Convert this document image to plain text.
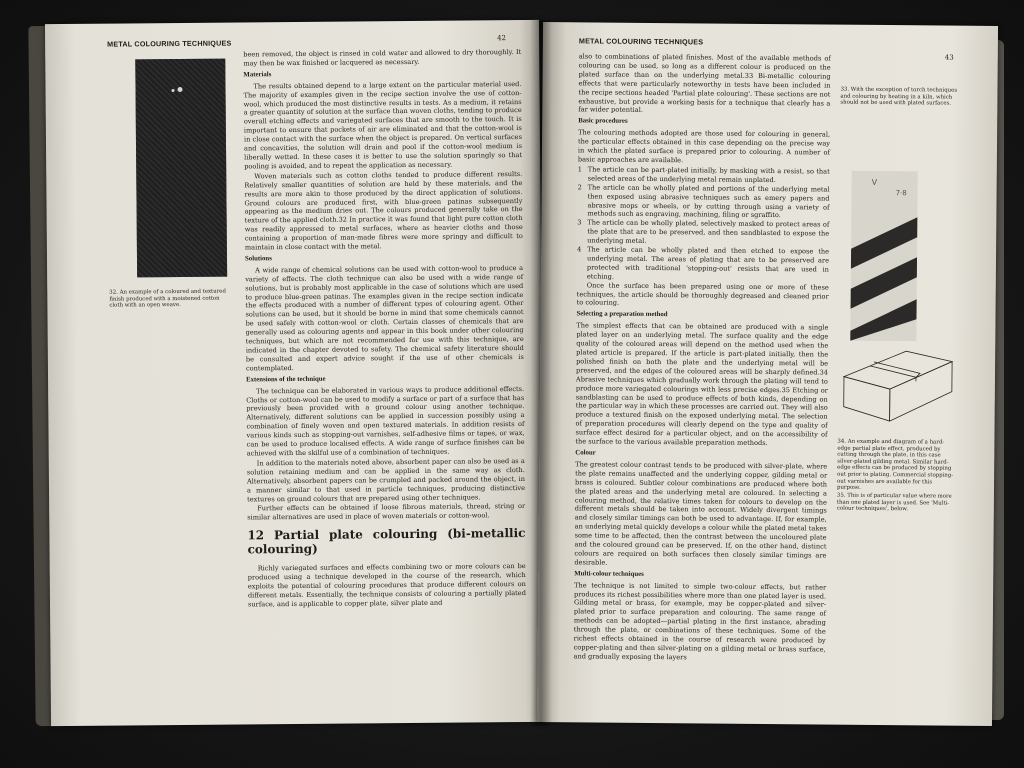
METAL COLOURING TECHNIQUES
42
32. An example of a coloured and textured finish produced with a moistened cotton cloth with an open weave.

been removed, the object is rinsed in cold water and allowed to dry thoroughly. It may then be wax finished or lacquered as necessary.

Materials

The results obtained depend to a large extent on the particular material used. The majority of examples given in the recipe section involve the use of cotton-wool, which produced the most distinctive results in tests. As a medium, it retains a greater quantity of solution at the surface than woven cloths, tending to produce overall etching effects and variegated surfaces that are smooth to the touch. It is important to ensure that pockets of air are eliminated and that the cotton-wool is in close contact with the surface when the object is prepared. On vertical surfaces and concavities, the solution will drain and pool if the cotton-wool medium is liberally wetted. In these cases it is better to use the solution sparingly so that pooling is avoided, and to repeat the application as necessary.

Woven materials such as cotton cloths tended to produce different results. Relatively smaller quantities of solution are held by these materials, and the results are more akin to those produced by the direct application of solutions. Ground colours are produced first, with blue-green patinas subsequently appearing as the medium dries out. The colours produced generally take on the texture of the applied cloth.32 In practice it was found that light pure cotton cloth was readily appressed to metal surfaces, where as heavier cloths and those containing a proportion of man-made fibres were more springy and difficult to maintain in close contact with the metal.

Solutions

A wide range of chemical solutions can be used with cotton-wool to produce a variety of effects. The cloth technique can also be used with a wide range of solutions, but is probably most applicable in the case of solutions which are used to produce blue-green patinas. The examples given in the recipe section indicate the effects produced with a number of different types of colouring agent. Other solutions can be used, but it should be borne in mind that some chemicals cannot be used safely with cotton-wool or cloth. Certain classes of chemicals that are generally used as colouring agents and appear in this book under other colouring techniques, but which are not recommended for use with this technique, are indicated in the chapter devoted to safety. The chemical safety literature should be consulted and expert advice sought if the use of other chemicals is contemplated.

Extensions of the technique

The technique can be elaborated in various ways to produce additional effects. Cloths or cotton-wool can be used to modify a surface or part of a surface that has previously been provided with a ground colour using another technique. Alternatively, different solutions can be applied in succession possibly using a combination of finely woven and open textured materials. In addition resists of various kinds such as stopping-out varnishes, self-adhesive films or tapes, or wax, can be used to produce localised effects. A wide range of surface finishes can be achieved with the skilful use of a combination of techniques.

In addition to the materials noted above, absorbent paper can also be used as a solution retaining medium and can be applied in the same way as cloth. Alternatively, absorbent papers can be crumpled and packed around the object, in a manner similar to that used in particle techniques, producing distinctive textures on ground colours that are prepared using other techniques.

Further effects can be obtained if loose fibrous materials, thread, string or similar alternatives are used in place of woven materials or cotton-wool.

12 Partial plate colouring (bi-metallic colouring)

Richly variegated surfaces and effects combining two or more colours can be produced using a technique developed in the course of the research, which exploits the potential of colouring procedures that produce different colours on different metals. Essentially, the technique consists of colouring a partially plated surface, and is applicable to copper plate, silver plate and

METAL COLOURING TECHNIQUES
43

also to combinations of plated finishes. Most of the available methods of colouring can be used, so long as a different colour is produced on the plated surface than on the underlying metal.33 Bi-metallic colouring effects that were particularly noteworthy in tests have been included in the recipe sections headed 'Partial plate colouring'. These sections are not exhaustive, but provide a working basis for a technique that clearly has a far wider potential.

Basic procedures

The colouring methods adopted are those used for colouring in general, the particular effects obtained in this case depending on the precise way in which the plated surface is prepared prior to colouring. A number of basic approaches are available.

1 The article can be part-plated initially, by masking with a resist, so that selected areas of the underlying metal remain unplated.
2 The article can be wholly plated and portions of the underlying metal then exposed using abrasive techniques such as emery papers and abrasive mops or wheels, or by cutting through using a variety of methods such as engraving, machining, filing or sgraffito.
3 The article can be wholly plated, selectively masked to protect areas of the plate that are to be preserved, and then sandblasted to expose the underlying metal.
4 The article can be wholly plated and then etched to expose the underlying metal. The areas of plating that are to be preserved are protected with traditional 'stopping-out' resists that are used in etching.

Once the surface has been prepared using one or more of these techniques, the article should be thoroughly degreased and cleaned prior to colouring.

Selecting a preparation method

The simplest effects that can be obtained are produced with a single plated layer on an underlying metal. The surface quality and the edge quality of the coloured areas will depend on the method used when the plated article is prepared. If the article is part-plated initially, then the polished finish on both the plate and the underlying metal will be preserved, and the edges of the coloured areas will be sharply defined.34 Abrasive techniques which gradually work through the plating will tend to produce more variegated colourings with less precise edges.35 Etching or sandblasting can be used to produce effects of both kinds, depending on the particular way in which these processes are carried out. They will also produce a textured finish on the exposed underlying metal. The selection of preparation procedures will clearly depend on the type and quality of surface effect desired for a particular object, and on the accessibility of the surface to the various available preparation methods.

Colour

The greatest colour contrast tends to be produced with silver-plate, where the plate remains unaffected and the underlying copper, gilding metal or brass is coloured. Subtler colour combinations are produced where both the plated areas and the underlying metal are coloured. In selecting a colouring method, the relative times taken for colours to develop on the different metals should be taken into account. Widely divergent timings and closely similar timings can both be used to advantage. If, for example, an underlying metal quickly develops a colour while the plated metal takes some time to be affected, then the contrast between the uncoloured plate and the coloured ground can be preserved. If, on the other hand, distinct colours are required on both surfaces then closely similar timings are desirable.

Multi-colour techniques

The technique is not limited to simple two-colour effects, but rather produces its richest possibilities where more than one plated layer is used. Gilding metal or brass, for example, may be copper-plated and silver-plated prior to surface preparation and colouring. The same range of methods can be adopted—partial plating in the first instance, abrading through the plate, or combinations of these techniques. Some of the richest effects obtained in the course of research were produced by copper-plating and then silver-plating on a gilding metal or brass surface, and gradually exposing the layers

33. With the exception of torch techniques and colouring by heating in a kiln, which should not be used with plated surfaces.
V
7·8
34. An example and diagram of a hard-edge partial plate effect, produced by cutting through the plate, in this case silver-plated gilding metal. Similar hard-edge effects can be produced by stopping out prior to plating. Commercial stopping-out varnishes are available for this purpose.
35. This is of particular value where more than one plated layer is used. See 'Multi-colour techniques', below.
